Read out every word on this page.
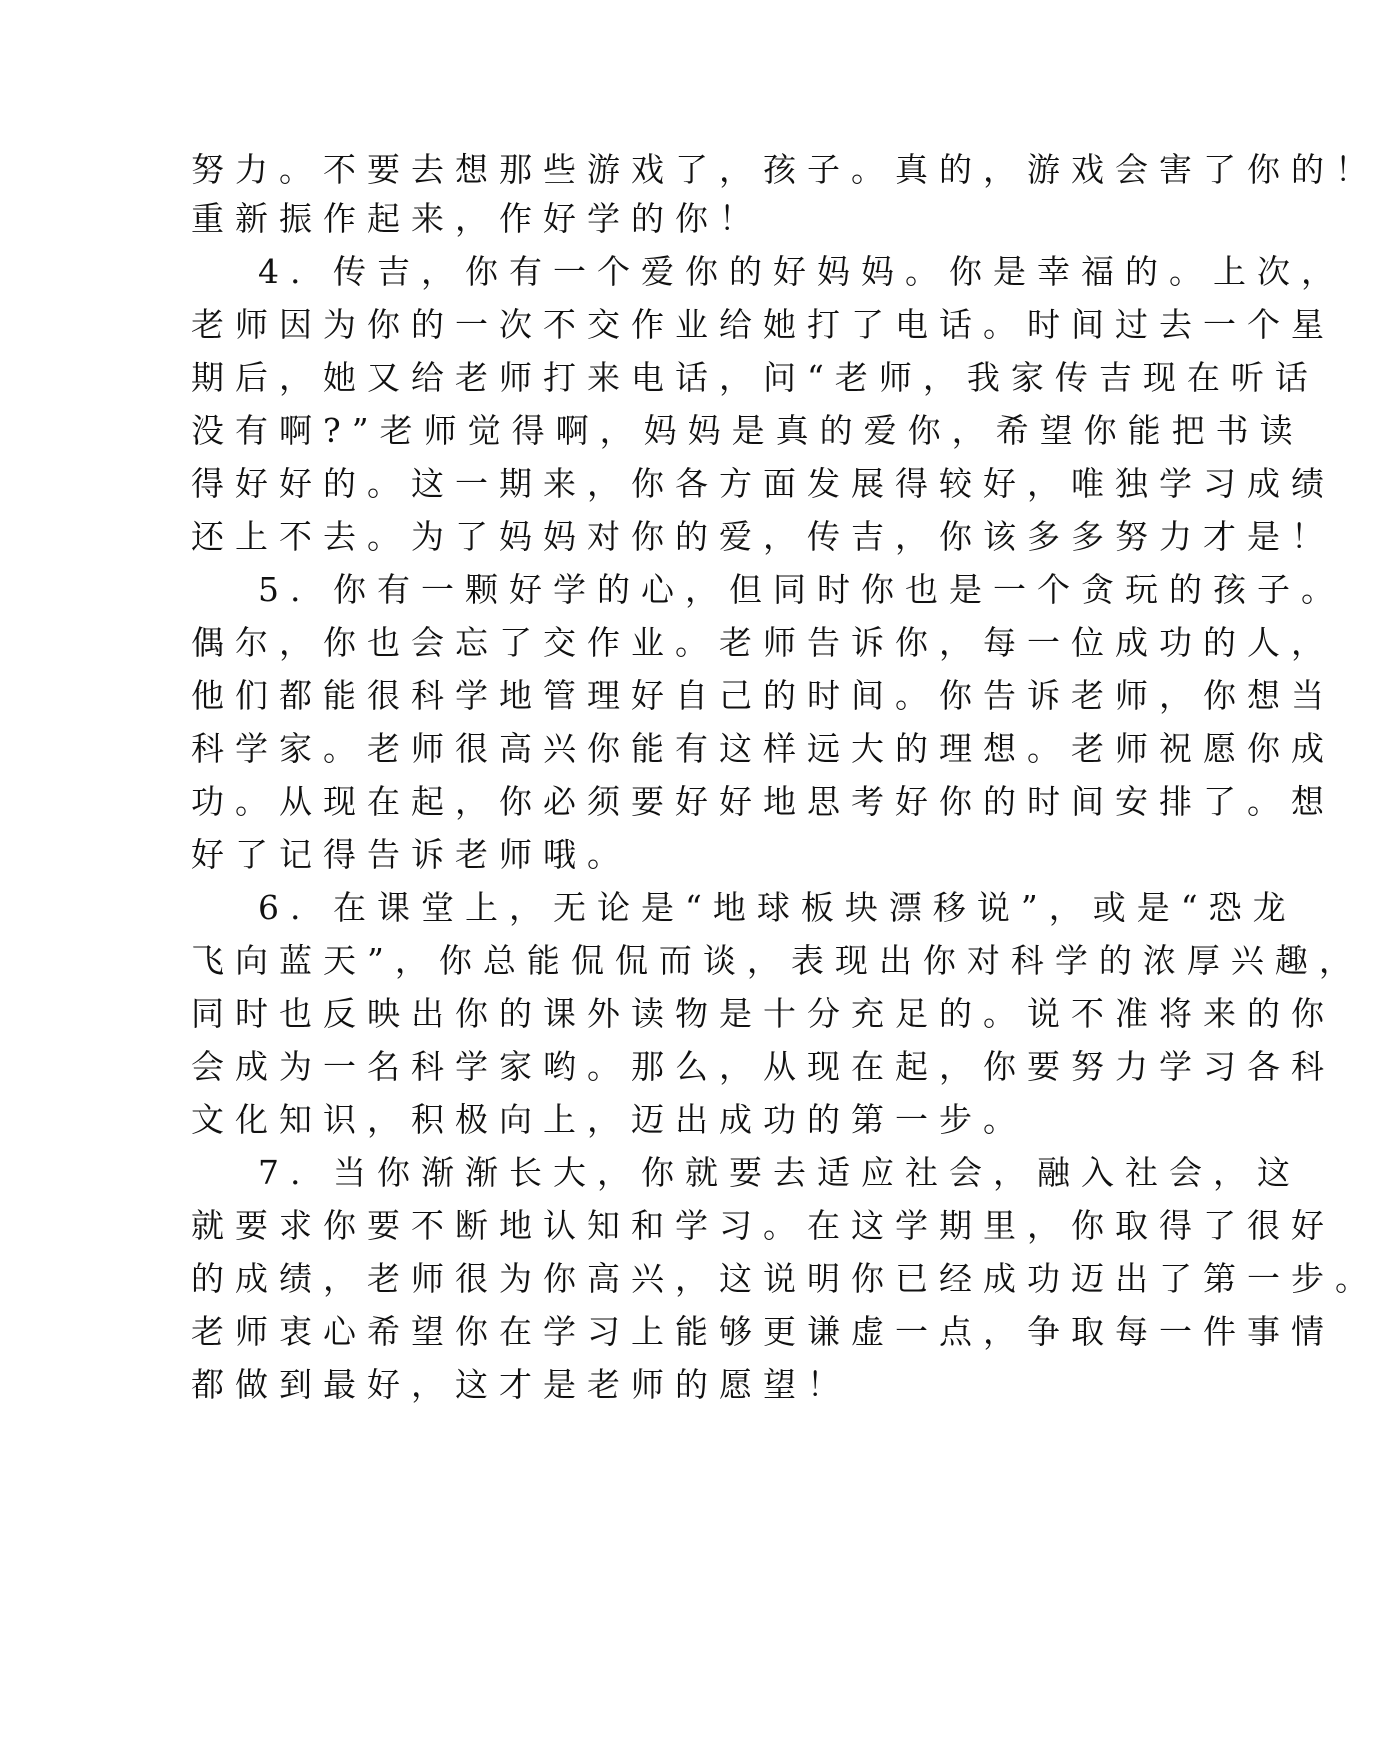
努力。不要去想那些游戏了，孩子。真的，游戏会害了你的！
重新振作起来，作好学的你！
4. 传吉，你有一个爱你的好妈妈。你是幸福的。上次，
老师因为你的一次不交作业给她打了电话。时间过去一个星
期后，她又给老师打来电话，问“老师，我家传吉现在听话
没有啊?”老师觉得啊，妈妈是真的爱你，希望你能把书读
得好好的。这一期来，你各方面发展得较好，唯独学习成绩
还上不去。为了妈妈对你的爱，传吉，你该多多努力才是！
5. 你有一颗好学的心，但同时你也是一个贪玩的孩子。
偶尔，你也会忘了交作业。老师告诉你，每一位成功的人，
他们都能很科学地管理好自己的时间。你告诉老师，你想当
科学家。老师很高兴你能有这样远大的理想。老师祝愿你成
功。从现在起，你必须要好好地思考好你的时间安排了。想
好了记得告诉老师哦。
6. 在课堂上，无论是“地球板块漂移说”，或是“恐龙
飞向蓝天”，你总能侃侃而谈，表现出你对科学的浓厚兴趣，
同时也反映出你的课外读物是十分充足的。说不准将来的你
会成为一名科学家哟。那么，从现在起，你要努力学习各科
文化知识，积极向上，迈出成功的第一步。
7. 当你渐渐长大，你就要去适应社会，融入社会，这
就要求你要不断地认知和学习。在这学期里，你取得了很好
的成绩，老师很为你高兴，这说明你已经成功迈出了第一步。
老师衷心希望你在学习上能够更谦虚一点，争取每一件事情
都做到最好，这才是老师的愿望！
